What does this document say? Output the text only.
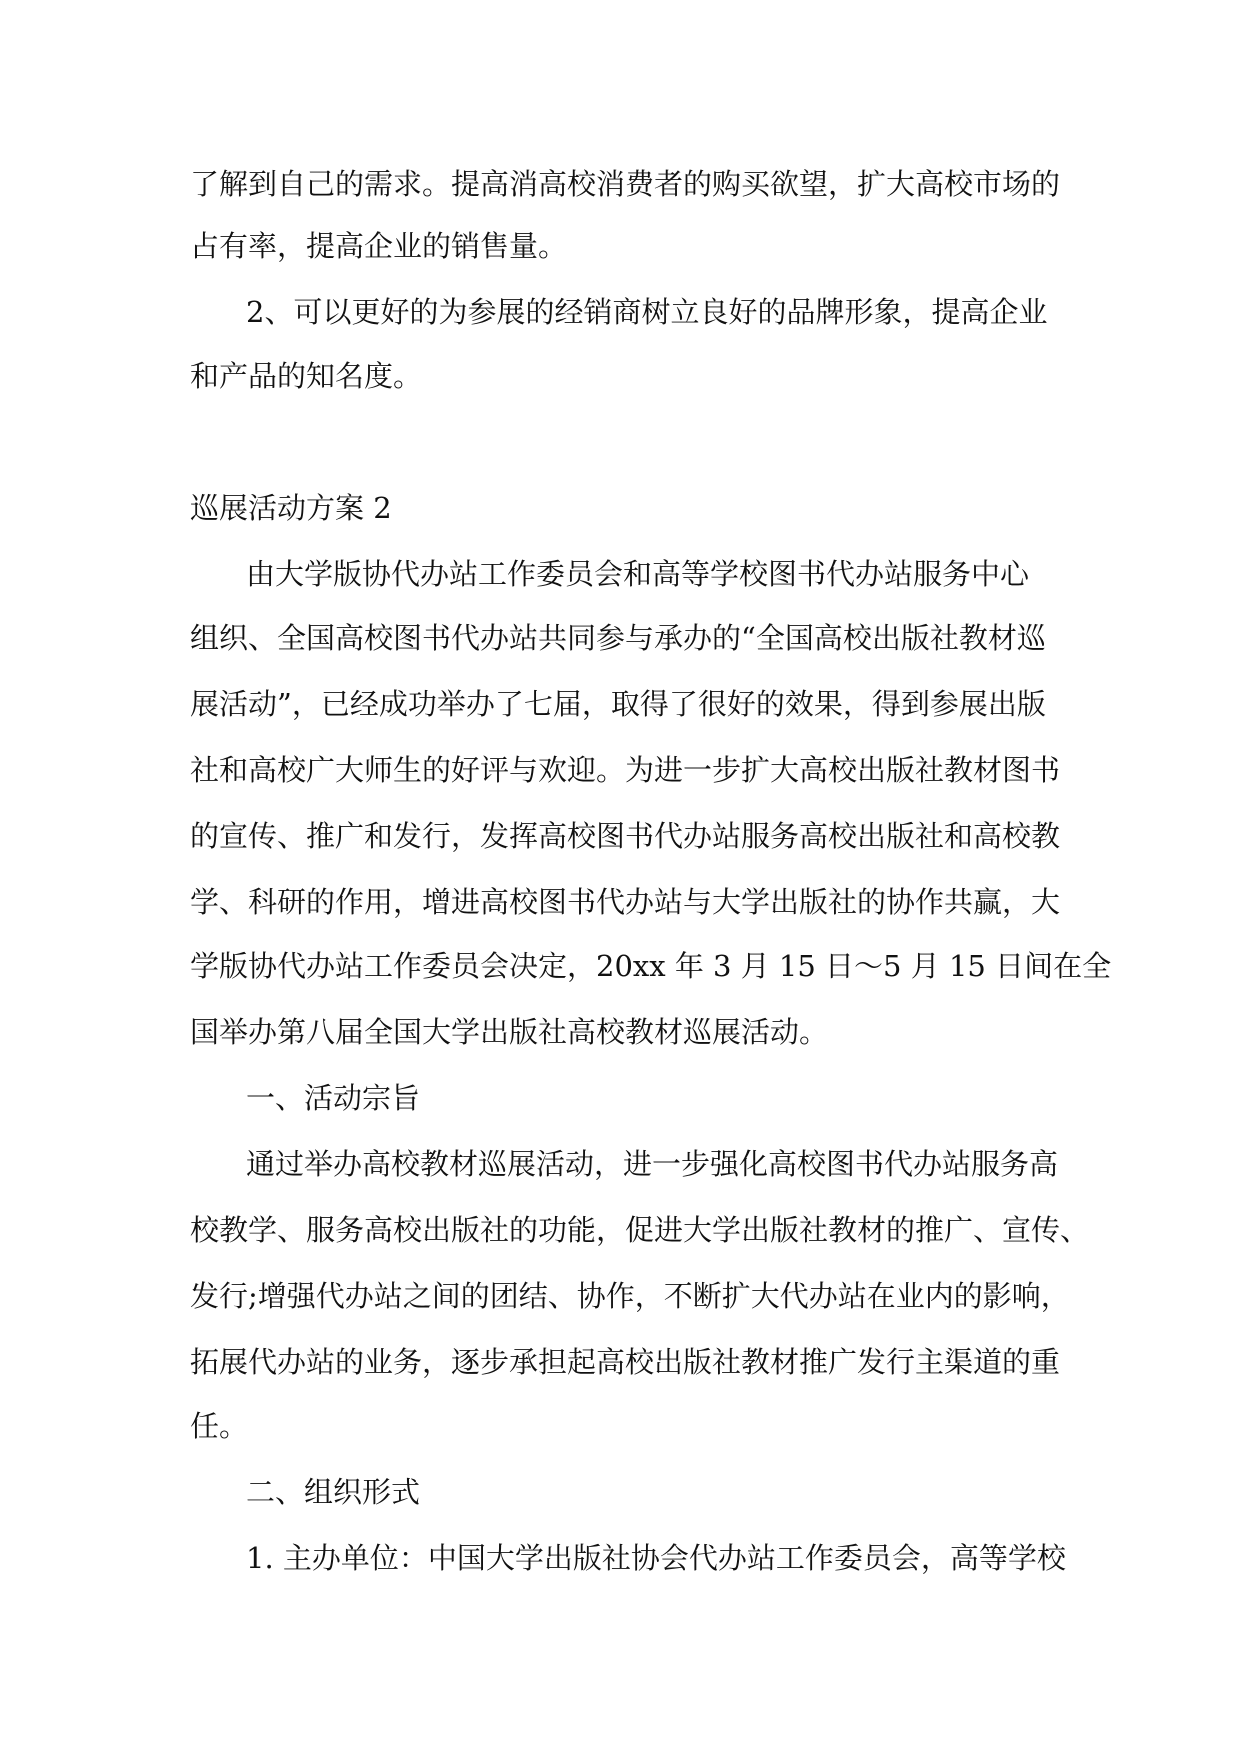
了解到自己的需求。提高消高校消费者的购买欲望，扩大高校市场的

占有率，提高企业的销售量。

2、可以更好的为参展的经销商树立良好的品牌形象，提高企业

和产品的知名度。

巡展活动方案 2

由大学版协代办站工作委员会和高等学校图书代办站服务中心

组织、全国高校图书代办站共同参与承办的“全国高校出版社教材巡

展活动”，已经成功举办了七届，取得了很好的效果，得到参展出版

社和高校广大师生的好评与欢迎。为进一步扩大高校出版社教材图书

的宣传、推广和发行，发挥高校图书代办站服务高校出版社和高校教

学、科研的作用，增进高校图书代办站与大学出版社的协作共赢，大

学版协代办站工作委员会决定，20xx 年 3 月 15 日～5 月 15 日间在全

国举办第八届全国大学出版社高校教材巡展活动。

一、活动宗旨

通过举办高校教材巡展活动，进一步强化高校图书代办站服务高

校教学、服务高校出版社的功能，促进大学出版社教材的推广、宣传、

发行;增强代办站之间的团结、协作，不断扩大代办站在业内的影响，

拓展代办站的业务，逐步承担起高校出版社教材推广发行主渠道的重

任。

二、组织形式

1. 主办单位：中国大学出版社协会代办站工作委员会，高等学校
